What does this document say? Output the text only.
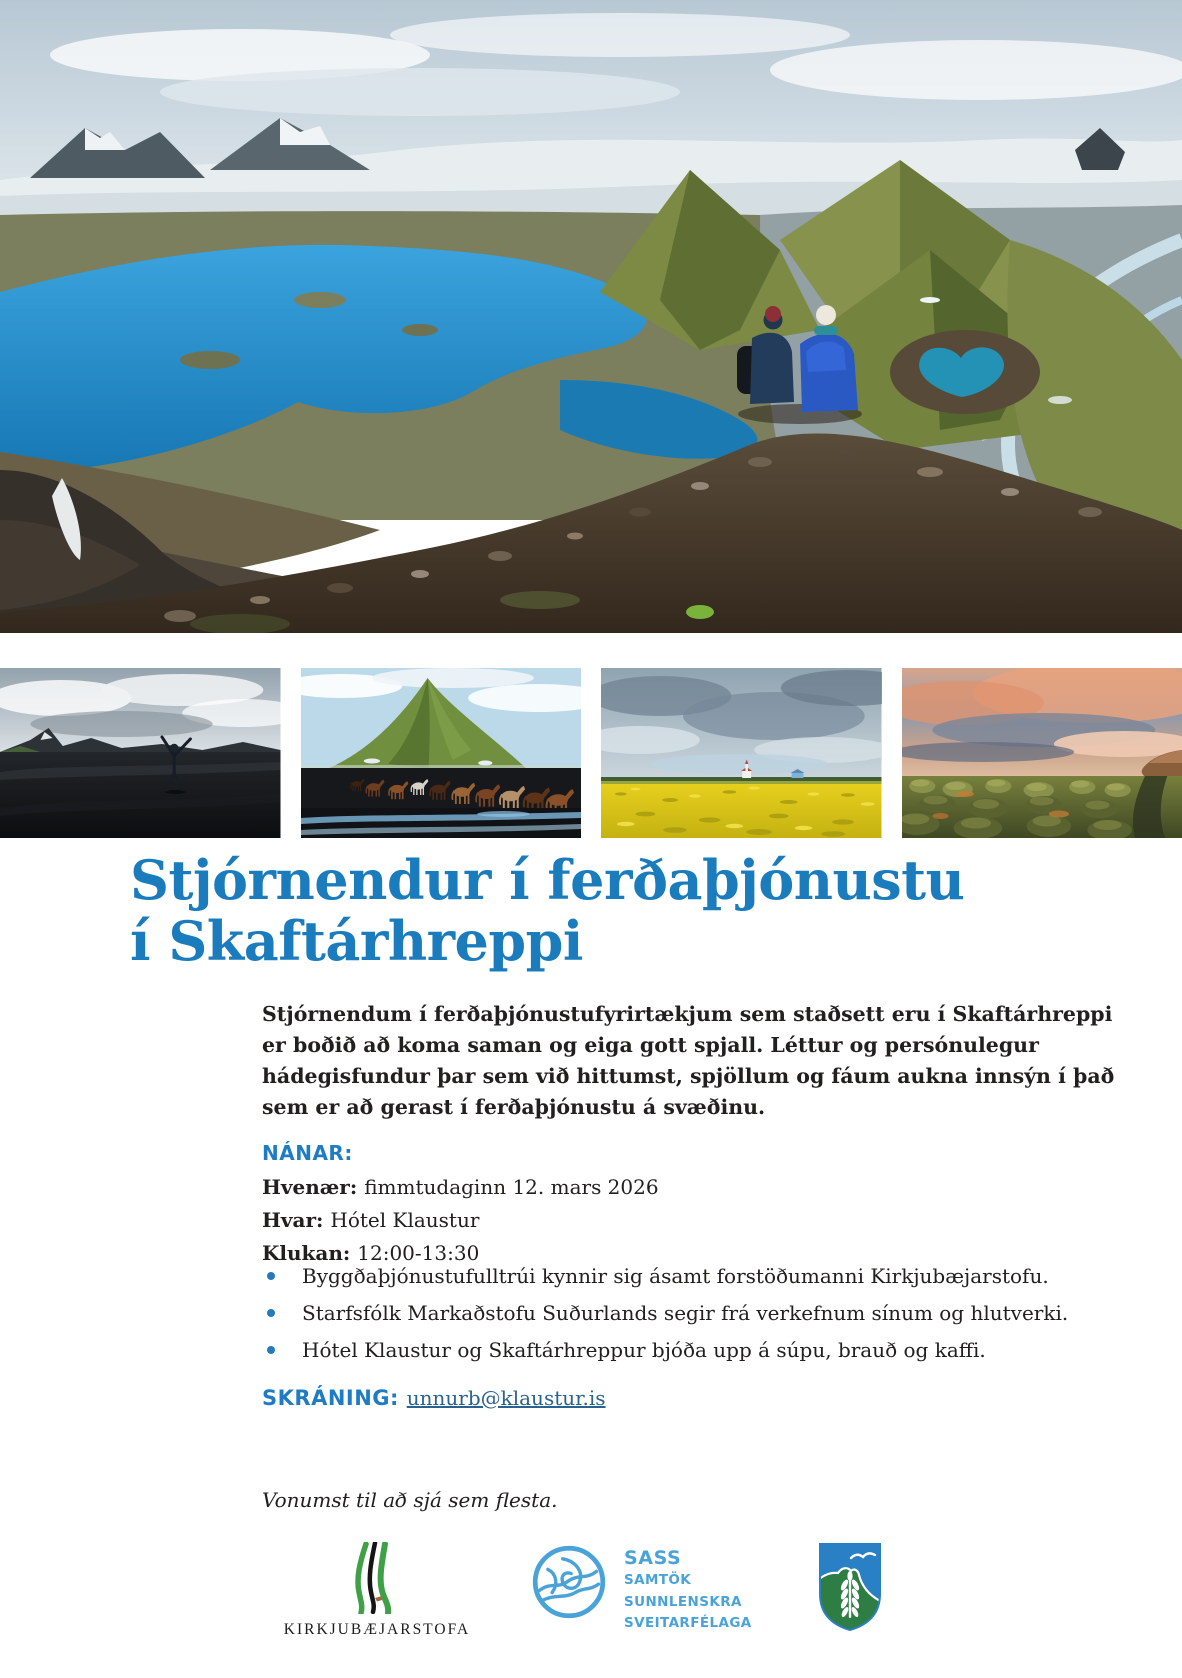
Stjórnendur í ferðaþjónustu
í Skaftárhreppi
Stjórnendum í ferðaþjónustufyrirtækjum sem staðsett eru í Skaftárhreppi
er boðið að koma saman og eiga gott spjall. Léttur og persónulegur
hádegisfundur þar sem við hittumst, spjöllum og fáum aukna innsýn í það
sem er að gerast í ferðaþjónustu á svæðinu.
NÁNAR:
Hvenær: fimmtudaginn 12. mars 2026
Hvar: Hótel Klaustur
Klukan: 12:00-13:30
Byggðaþjónustufulltrúi kynnir sig ásamt forstöðumanni Kirkjubæjarstofu.
Starfsfólk Markaðstofu Suðurlands segir frá verkefnum sínum og hlutverki.
Hótel Klaustur og Skaftárhreppur bjóða upp á súpu, brauð og kaffi.
SKRÁNING: unnurb@klaustur.is
Vonumst til að sjá sem flesta.
KIRKJUBÆJARSTOFA
SASS
SAMTÖK
SUNNLENSKRA
SVEITARFÉLAGA
